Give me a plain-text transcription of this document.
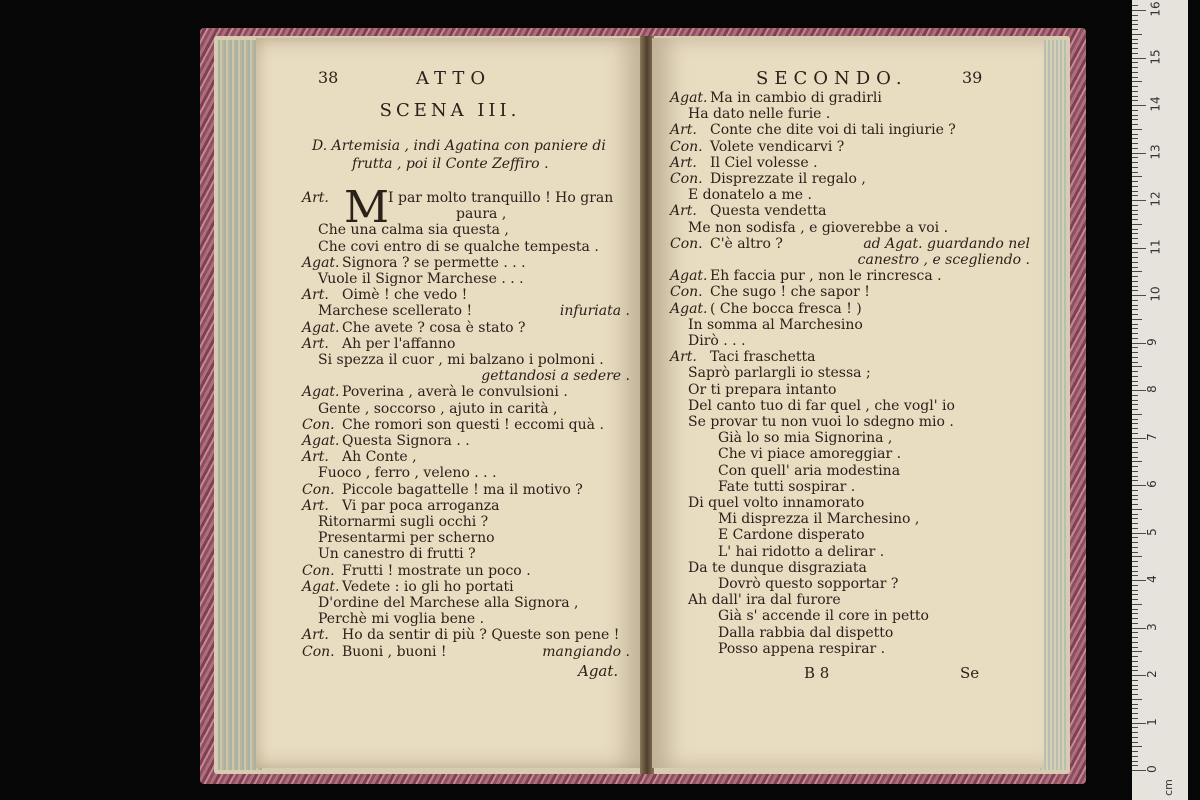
38	ATTO
SCENA III.
D. Artemisia , indi Agatina con paniere di
frutta , poi il Conte Zeffiro .
M
Art.	I par molto tranquillo ! Ho gran
paura ,
Che una calma sia questa ,
Che covi entro di se qualche tempesta .
Agat. Signora ? se permette . . .
Vuole il Signor Marchese . . .
Art. Oimè ! che vedo !
Marchese scellerato !	infuriata .
Agat. Che avete ? cosa è stato ?
Art. Ah per l'affanno
Si spezza il cuor , mi balzano i polmoni .
gettandosi a sedere .
Agat. Poverina , averà le convulsioni .
Gente , soccorso , ajuto in carità ,
Con. Che romori son questi ! eccomi quà .
Agat. Questa Signora . .
Art. Ah Conte ,
Fuoco , ferro , veleno . . .
Con. Piccole bagattelle ! ma il motivo ?
Art. Vi par poca arroganza
Ritornarmi sugli occhi ?
Presentarmi per scherno
Un canestro di frutti ?
Con. Frutti ! mostrate un poco .
Agat. Vedete : io gli ho portati
D'ordine del Marchese alla Signora ,
Perchè mi voglia bene .
Art. Ho da sentir di più ? Queste son pene !
Con. Buoni , buoni !	mangiando .
Agat.
SECONDO.	39
Agat. Ma in cambio di gradirli
Ha dato nelle furie .
Art. Conte che dite voi di tali ingiurie ?
Con. Volete vendicarvi ?
Art. Il Ciel volesse .
Con. Disprezzate il regalo ,
E donatelo a me .
Art. Questa vendetta
Me non sodisfa , e gioverebbe a voi .
Con. C'è altro ?	ad Agat. guardando nel
canestro , e scegliendo .
Agat. Eh faccia pur , non le rincresca .
Con. Che sugo ! che sapor !
Agat. ( Che bocca fresca ! )
In somma al Marchesino
Dirò . . .
Art. Taci fraschetta
Saprò parlargli io stessa ;
Or ti prepara intanto
Del canto tuo di far quel , che vogl' io
Se provar tu non vuoi lo sdegno mio .
Già lo so mia Signorina ,
Che vi piace amoreggiar .
Con quell' aria modestina
Fate tutti sospirar .
Di quel volto innamorato
Mi disprezza il Marchesino ,
E Cardone disperato
L' hai ridotto a delirar .
Da te dunque disgraziata
Dovrò questo sopportar ?
Ah dall' ira dal furore
Già s' accende il core in petto
Dalla rabbia dal dispetto
Posso appena respirar .
B 8	Se
0
1
2
3
4
5
6
7
8
9
10
11
12
13
14
15
16
cm
